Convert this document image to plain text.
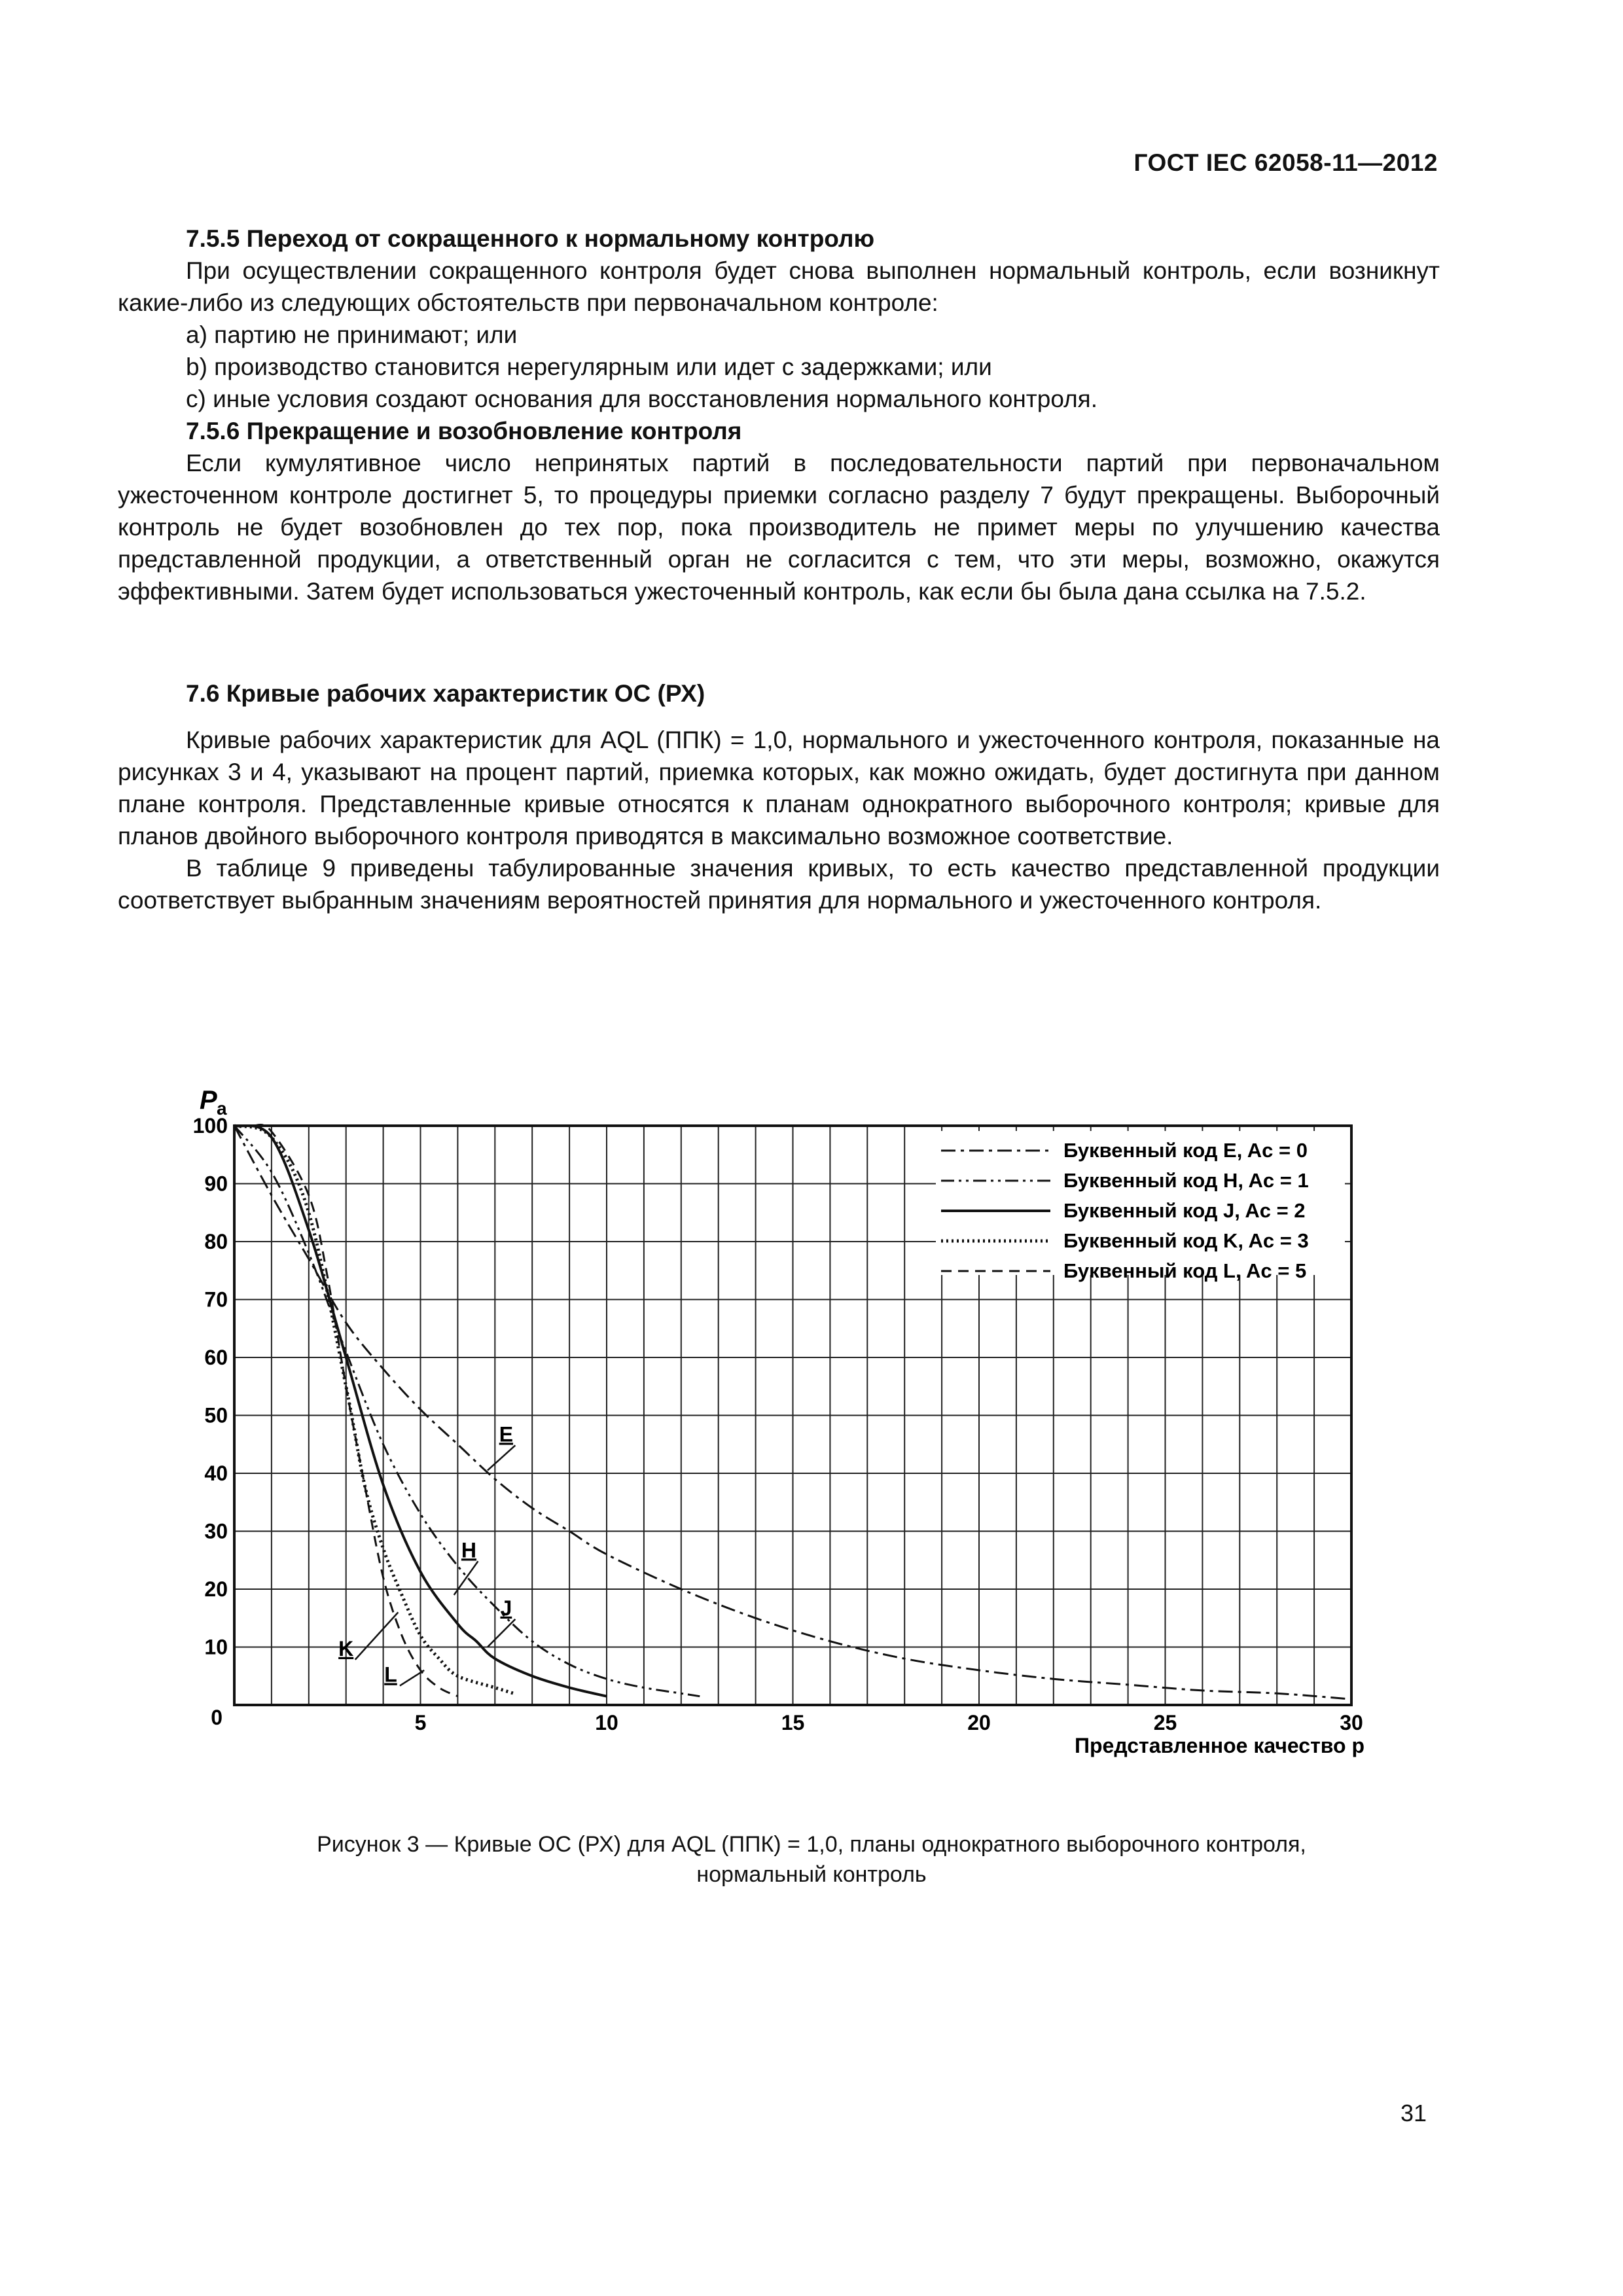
ГОСТ IEC 62058-11—2012

7.5.5 Переход от сокращенного к нормальному контролю

При осуществлении сокращенного контроля будет снова выполнен нормальный контроль, если возникнут какие-либо из следующих обстоятельств при первоначальном контроле:

a) партию не принимают; или

b) производство становится нерегулярным или идет с задержками; или

c) иные условия создают основания для восстановления нормального контроля.

7.5.6 Прекращение и возобновление контроля

Если кумулятивное число непринятых партий в последовательности партий при первоначальном ужесточенном контроле достигнет 5, то процедуры приемки согласно разделу 7 будут прекращены. Выборочный контроль не будет возобновлен до тех пор, пока производитель не примет меры по улучшению качества представленной продукции, а ответственный орган не согласится с тем, что эти меры, возможно, окажутся эффективными. Затем будет использоваться ужесточенный контроль, как если бы была дана ссылка на 7.5.2.

7.6 Кривые рабочих характеристик ОС (РХ)

Кривые рабочих характеристик для AQL (ППК) = 1,0, нормального и ужесточенного контроля, показанные на рисунках 3 и 4, указывают на процент партий, приемка которых, как можно ожидать, будет достигнута при данном плане контроля. Представленные кривые относятся к планам однократного выборочного контроля; кривые для планов двойного выборочного контроля приводятся в максимально возможное соответствие.

В таблице 9 приведены табулированные значения кривых, то есть качество представленной продукции соответствует выбранным значениям вероятностей принятия для нормального и ужесточенного контроля.

10
20
30
40
50
60
70
80
90
100
0	5	10	15	20	25	30
Буквенный код E, Ac = 0
Буквенный код H, Ac = 1
Буквенный код J, Ac = 2
Буквенный код K, Ac = 3
Буквенный код L, Ac = 5
E
H
J
K
L
P a
Представленное качество p
Рисунок 3 — Кривые ОС (РХ) для AQL (ППК) = 1,0, планы однократного выборочного контроля,
нормальный контроль
31
